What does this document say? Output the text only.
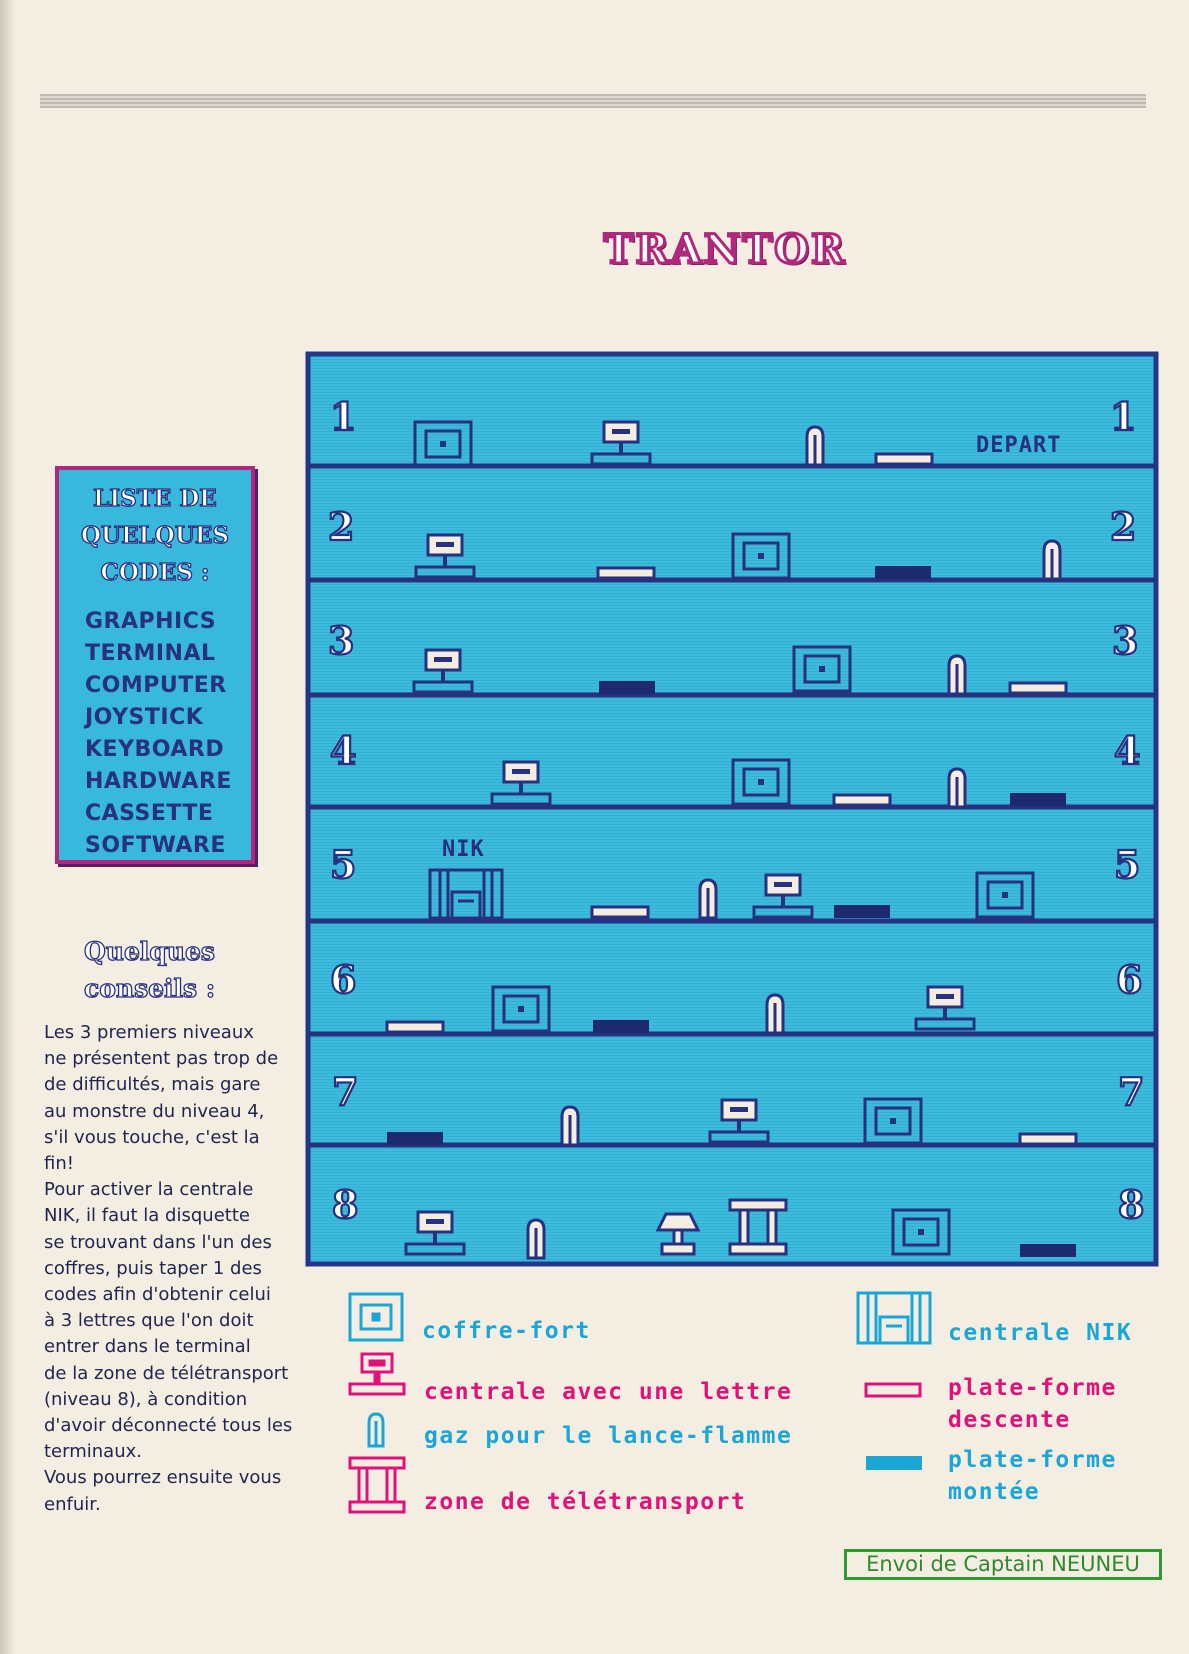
TRANTOR
LISTE DE
QUELQUES
CODES :
GRAPHICS
TERMINAL
COMPUTER
JOYSTICK
KEYBOARD
HARDWARE
CASSETTE
SOFTWARE
Quelques
conseils :

Les 3 premiers niveaux
ne présentent pas trop de
de difficultés, mais gare
au monstre du niveau 4,
s'il vous touche, c'est la
fin!
Pour activer la centrale
NIK, il faut la disquette
se trouvant dans l'un des
coffres, puis taper 1 des
codes afin d'obtenir celui
à 3 lettres que l'on doit
entrer dans le terminal
de la zone de télétransport
(niveau 8), à condition
d'avoir déconnecté tous les
terminaux.
Vous pourrez ensuite vous
enfuir.

1	1
2	2
3	3
4	4
5	5
6	6
7	7
8	8
DEPART
NIK
coffre-fort
centrale avec une lettre
gaz pour le lance-flamme
zone de télétransport
centrale NIK
plate-forme
descente
plate-forme
montée
Envoi de Captain NEUNEU
